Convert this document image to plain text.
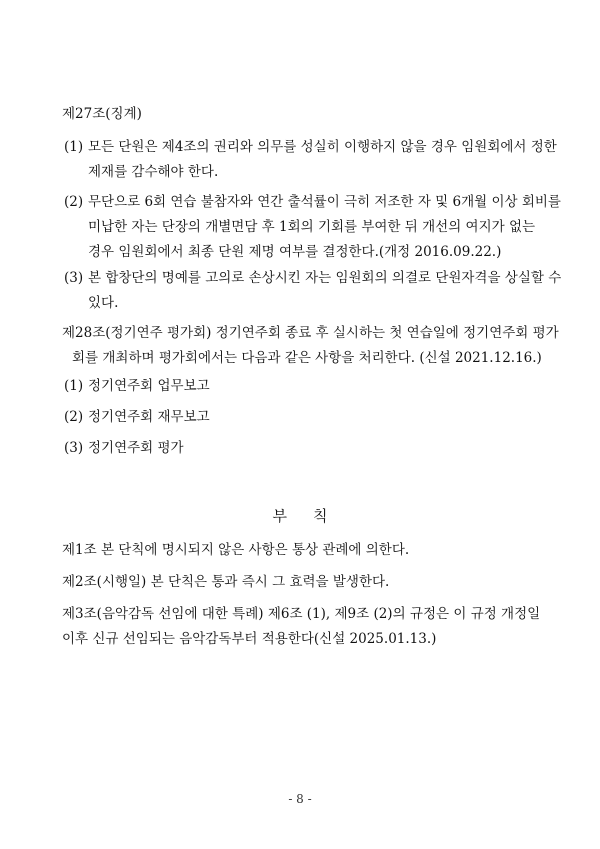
제27조(징계)
(1) 모든 단원은 제4조의 권리와 의무를 성실히 이행하지 않을 경우 임원회에서 정한
제재를 감수해야 한다.
(2) 무단으로 6회 연습 불참자와 연간 출석률이 극히 저조한 자 및 6개월 이상 회비를
미납한 자는 단장의 개별면담 후 1회의 기회를 부여한 뒤 개선의 여지가 없는
경우 임원회에서 최종 단원 제명 여부를 결정한다.(개정 2016.09.22.)
(3) 본 합창단의 명예를 고의로 손상시킨 자는 임원회의 의결로 단원자격을 상실할 수
있다.
제28조(정기연주 평가회) 정기연주회 종료 후 실시하는 첫 연습일에 정기연주회 평가
회를 개최하며 평가회에서는 다음과 같은 사항을 처리한다. (신설 2021.12.16.)
(1) 정기연주회 업무보고
(2) 정기연주회 재무보고
(3) 정기연주회 평가
부칙
제1조 본 단칙에 명시되지 않은 사항은 통상 관례에 의한다.
제2조(시행일) 본 단칙은 통과 즉시 그 효력을 발생한다.
제3조(음악감독 선임에 대한 특례) 제6조 (1), 제9조 (2)의 규정은 이 규정 개정일
이후 신규 선임되는 음악감독부터 적용한다(신설 2025.01.13.)
- 8 -
